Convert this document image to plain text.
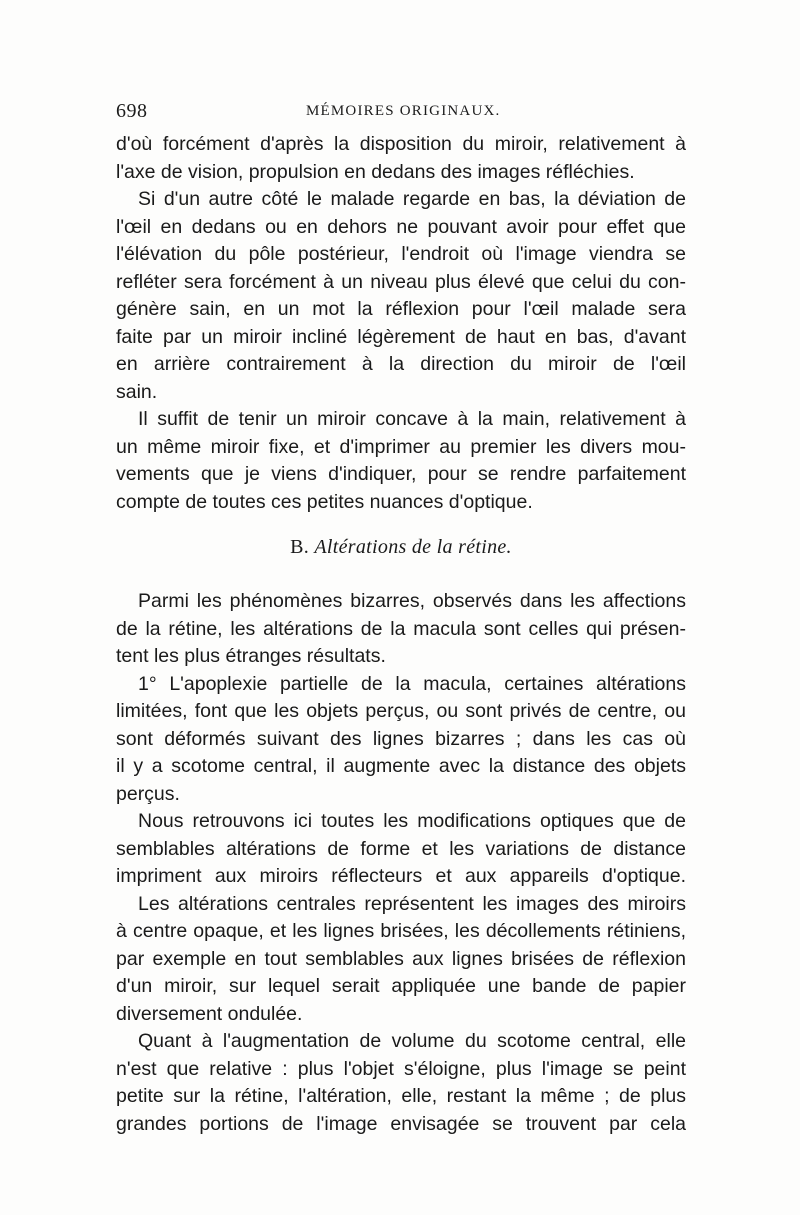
698	MÉMOIRES ORIGINAUX.
d'où forcément d'après la disposition du miroir, relativement à
l'axe de vision, propulsion en dedans des images réfléchies.
Si d'un autre côté le malade regarde en bas, la déviation de
l'œil en dedans ou en dehors ne pouvant avoir pour effet que
l'élévation du pôle postérieur, l'endroit où l'image viendra se
refléter sera forcément à un niveau plus élevé que celui du con-
génère sain, en un mot la réflexion pour l'œil malade sera
faite par un miroir incliné légèrement de haut en bas, d'avant
en arrière contrairement à la direction du miroir de l'œil
sain.
Il suffit de tenir un miroir concave à la main, relativement à
un même miroir fixe, et d'imprimer au premier les divers mou-
vements que je viens d'indiquer, pour se rendre parfaitement
compte de toutes ces petites nuances d'optique.
B. Altérations de la rétine.
Parmi les phénomènes bizarres, observés dans les affections
de la rétine, les altérations de la macula sont celles qui présen-
tent les plus étranges résultats.
1° L'apoplexie partielle de la macula, certaines altérations
limitées, font que les objets perçus, ou sont privés de centre, ou
sont déformés suivant des lignes bizarres ; dans les cas où
il y a scotome central, il augmente avec la distance des objets
perçus.
Nous retrouvons ici toutes les modifications optiques que de
semblables altérations de forme et les variations de distance
impriment aux miroirs réflecteurs et aux appareils d'optique.
Les altérations centrales représentent les images des miroirs
à centre opaque, et les lignes brisées, les décollements rétiniens,
par exemple en tout semblables aux lignes brisées de réflexion
d'un miroir, sur lequel serait appliquée une bande de papier
diversement ondulée.
Quant à l'augmentation de volume du scotome central, elle
n'est que relative : plus l'objet s'éloigne, plus l'image se peint
petite sur la rétine, l'altération, elle, restant la même ; de plus
grandes portions de l'image envisagée se trouvent par cela
